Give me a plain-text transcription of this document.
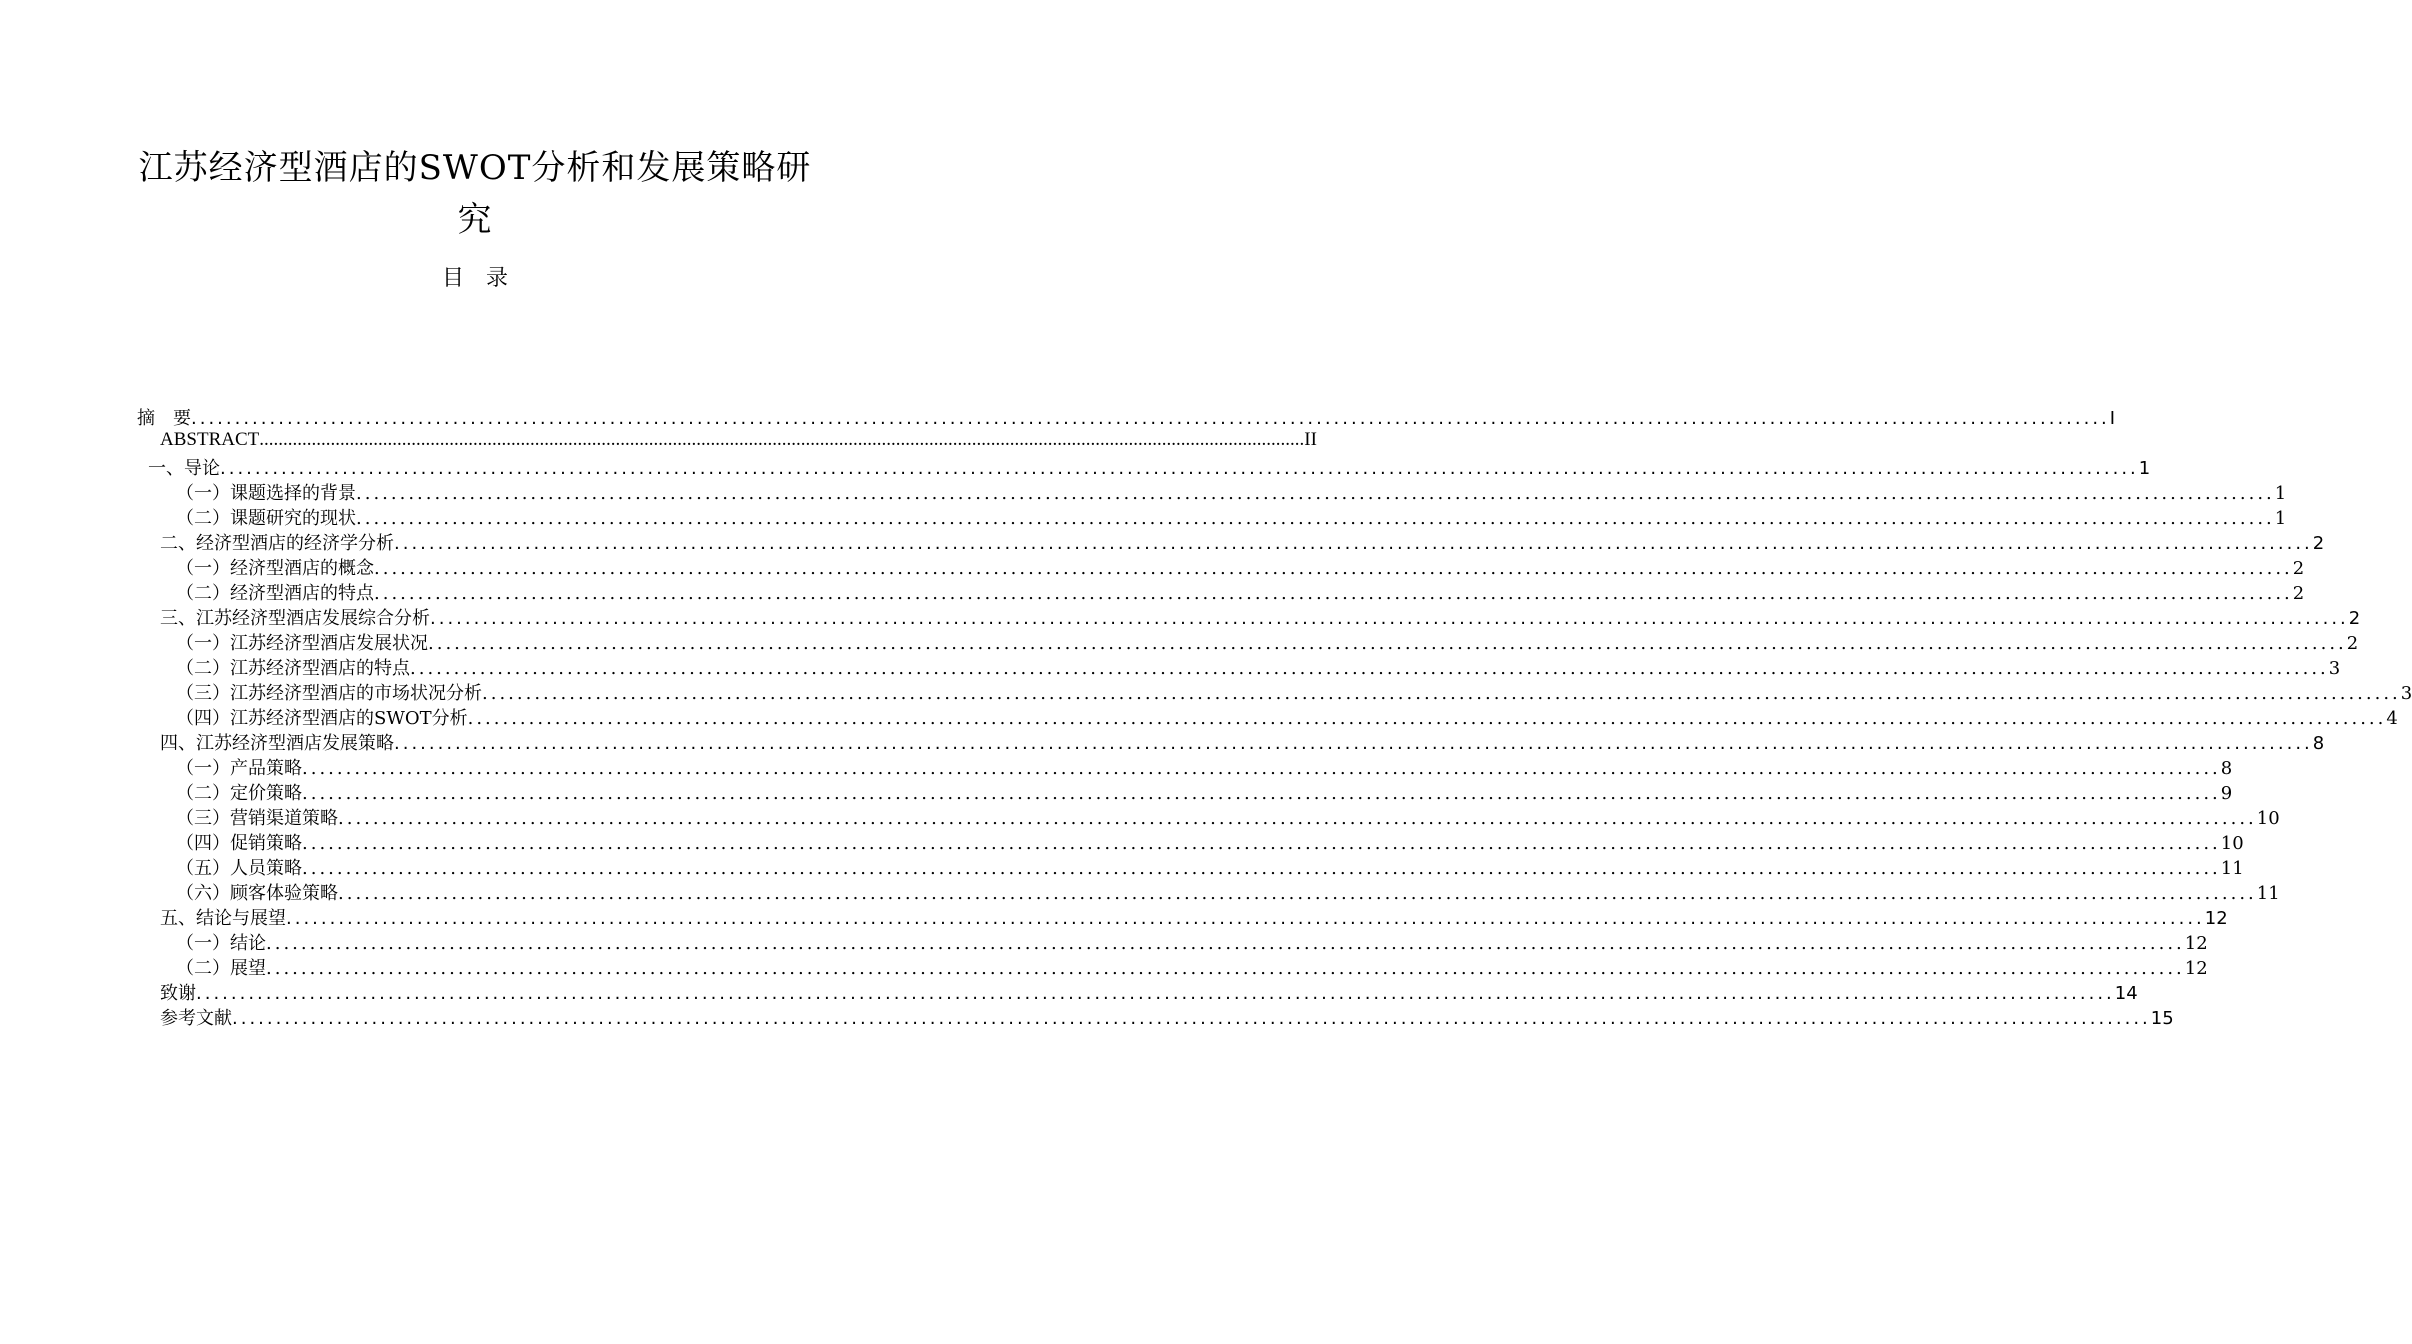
江苏经济型酒店的SWOT分析和发展策略研究
目　录
摘　要 ............................................................................................................................................................................................................................ I
ABSTRACT ............................................................................................................................................................................................................................ II
一、导论 ............................................................................................................................................................................................................................ 1
（一）课题选择的背景 ............................................................................................................................................................................................................................ 1
（二）课题研究的现状 ............................................................................................................................................................................................................................ 1
二、经济型酒店的经济学分析 ............................................................................................................................................................................................................................ 2
（一）经济型酒店的概念 ............................................................................................................................................................................................................................ 2
（二）经济型酒店的特点 ............................................................................................................................................................................................................................ 2
三、江苏经济型酒店发展综合分析 ............................................................................................................................................................................................................................ 2
（一）江苏经济型酒店发展状况 ............................................................................................................................................................................................................................ 2
（二）江苏经济型酒店的特点 ............................................................................................................................................................................................................................ 3
（三）江苏经济型酒店的市场状况分析 ............................................................................................................................................................................................................................ 3
（四）江苏经济型酒店的SWOT分析 ............................................................................................................................................................................................................................ 4
四、江苏经济型酒店发展策略 ............................................................................................................................................................................................................................ 8
（一）产品策略 ............................................................................................................................................................................................................................ 8
（二）定价策略 ............................................................................................................................................................................................................................ 9
（三）营销渠道策略 ............................................................................................................................................................................................................................ 10
（四）促销策略 ............................................................................................................................................................................................................................ 10
（五）人员策略 ............................................................................................................................................................................................................................ 11
（六）顾客体验策略 ............................................................................................................................................................................................................................ 11
五、结论与展望 ............................................................................................................................................................................................................................ 12
（一）结论 ............................................................................................................................................................................................................................ 12
（二）展望 ............................................................................................................................................................................................................................ 12
致谢 ............................................................................................................................................................................................................................ 14
参考文献 ............................................................................................................................................................................................................................ 15
